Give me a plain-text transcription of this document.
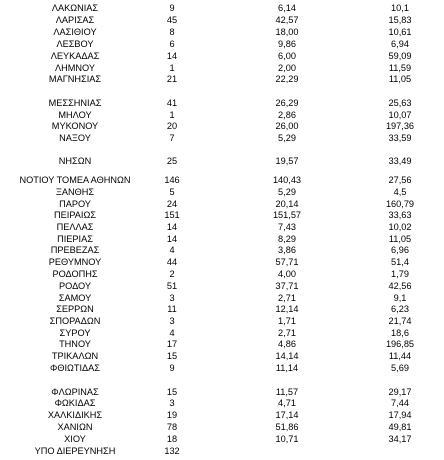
ΛΑΚΩΝΙΑΣ	9	6,14	10,1
ΛΑΡΙΣΑΣ	45	42,57	15,83
ΛΑΣΙΘΙΟΥ	8	18,00	10,61
ΛΕΣΒΟΥ	6	9,86	6,94
ΛΕΥΚΑΔΑΣ	14	6,00	59,09
ΛΗΜΝΟΥ	1	2,00	11,59
ΜΑΓΝΗΣΙΑΣ	21	22,29	11,05
ΜΕΣΣΗΝΙΑΣ	41	26,29	25,63
ΜΗΛΟΥ	1	2,86	10,07
ΜΥΚΟΝΟΥ	20	26,00	197,36
ΝΑΞΟΥ	7	5,29	33,59
ΝΗΣΩΝ	25	19,57	33,49
ΝΟΤΙΟΥ ΤΟΜΕΑ ΑΘΗΝΩΝ	146	140,43	27,56
ΞΑΝΘΗΣ	5	5,29	4,5
ΠΑΡΟΥ	24	20,14	160,79
ΠΕΙΡΑΙΩΣ	151	151,57	33,63
ΠΕΛΛΑΣ	14	7,43	10,02
ΠΙΕΡΙΑΣ	14	8,29	11,05
ΠΡΕΒΕΖΑΣ	4	3,86	6,96
ΡΕΘΥΜΝΟΥ	44	57,71	51,4
ΡΟΔΟΠΗΣ	2	4,00	1,79
ΡΟΔΟΥ	51	37,71	42,56
ΣΑΜΟΥ	3	2,71	9,1
ΣΕΡΡΩΝ	11	12,14	6,23
ΣΠΟΡΑΔΩΝ	3	1,71	21,74
ΣΥΡΟΥ	4	2,71	18,6
ΤΗΝΟΥ	17	4,86	196,85
ΤΡΙΚΑΛΩΝ	15	14,14	11,44
ΦΘΙΩΤΙΔΑΣ	9	11,14	5,69
ΦΛΩΡΙΝΑΣ	15	11,57	29,17
ΦΩΚΙΔΑΣ	3	4,71	7,44
ΧΑΛΚΙΔΙΚΗΣ	19	17,14	17,94
ΧΑΝΙΩΝ	78	51,86	49,81
ΧΙΟΥ	18	10,71	34,17
ΥΠΟ ΔΙΕΡΕΥΝΗΣΗ	132
